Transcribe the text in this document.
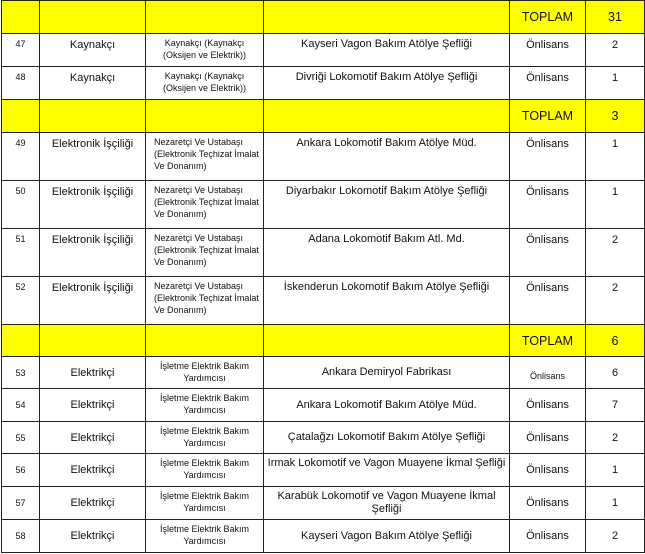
				TOPLAM	31
47	Kaynakçı	Kaynakçı (Kaynakçı (Oksijen ve Elektrik))	Kayseri Vagon Bakım Atölye Şefliği	Önlisans	2
48	Kaynakçı	Kaynakçı (Kaynakçı (Oksijen ve Elektrik))	Divriği Lokomotif Bakım Atölye Şefliği	Önlisans	1
				TOPLAM	3
49	Elektronik İşçiliği	Nezaretçi Ve Ustabaşı (Elektronik Teçhizat İmalat Ve Donanım)	Ankara Lokomotif Bakım Atölye Müd.	Önlisans	1
50	Elektronik İşçiliği	Nezaretçi Ve Ustabaşı (Elektronik Teçhizat İmalat Ve Donanım)	Diyarbakır Lokomotif Bakım Atölye Şefliği	Önlisans	1
51	Elektronik İşçiliği	Nezaretçi Ve Ustabaşı (Elektronik Teçhizat İmalat Ve Donanım)	Adana Lokomotif Bakım Atl. Md.	Önlisans	2
52	Elektronik İşçiliği	Nezaretçi Ve Ustabaşı (Elektronik Teçhizat İmalat Ve Donanım)	İskenderun Lokomotif Bakım Atölye Şefliği	Önlisans	2
				TOPLAM	6
53	Elektrikçi	İşletme Elektrik Bakım Yardımcısı	Ankara Demiryol Fabrikası	Önlisans	6
54	Elektrikçi	İşletme Elektrik Bakım Yardımcısı	Ankara Lokomotif Bakım Atölye Müd.	Önlisans	7
55	Elektrikçi	İşletme Elektrik Bakım Yardımcısı	Çatalağzı Lokomotif Bakım Atölye Şefliği	Önlisans	2
56	Elektrikçi	İşletme Elektrik Bakım Yardımcısı	Irmak Lokomotif ve Vagon Muayene İkmal Şefliği	Önlisans	1
57	Elektrikçi	İşletme Elektrik Bakım Yardımcısı	Karabük Lokomotif ve Vagon Muayene İkmal Şefliği	Önlisans	1
58	Elektrikçi	İşletme Elektrik Bakım Yardımcısı	Kayseri Vagon Bakım Atölye Şefliği	Önlisans	2
